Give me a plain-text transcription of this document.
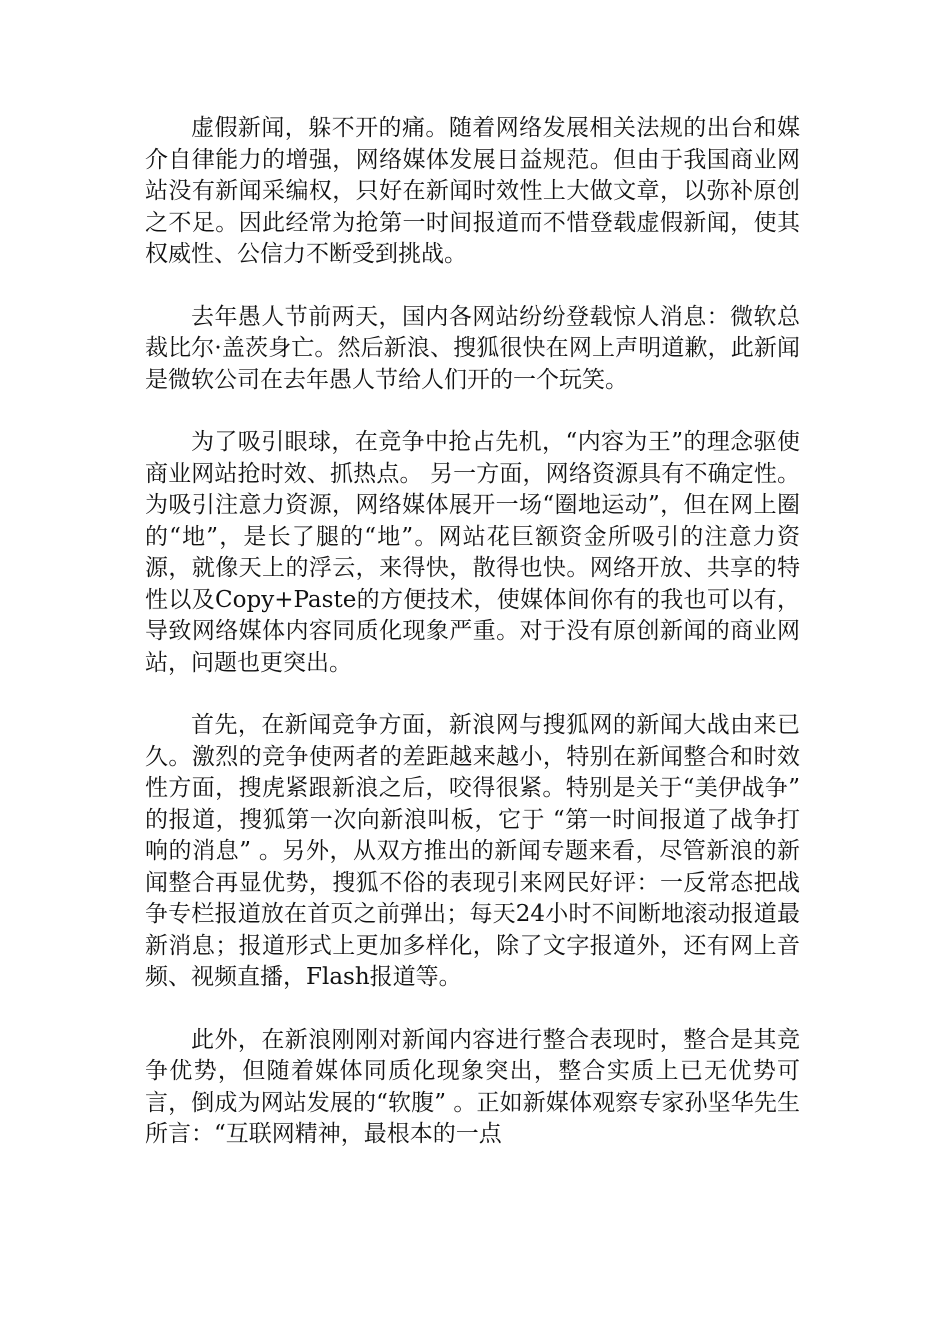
虚假新闻，躲不开的痛。随着网络发展相关法规的出台和媒介自律能力的增强，网络媒体发展日益规范。但由于我国商业网站没有新闻采编权，只好在新闻时效性上大做文章，以弥补原创之不足。因此经常为抢第一时间报道而不惜登载虚假新闻，使其权威性、公信力不断受到挑战。

去年愚人节前两天，国内各网站纷纷登载惊人消息：微软总裁比尔·盖茨身亡。然后新浪、搜狐很快在网上声明道歉，此新闻是微软公司在去年愚人节给人们开的一个玩笑。

为了吸引眼球，在竞争中抢占先机，“内容为王”的理念驱使商业网站抢时效、抓热点。 另一方面，网络资源具有不确定性。为吸引注意力资源，网络媒体展开一场“圈地运动”，但在网上圈的“地”，是长了腿的“地”。网站花巨额资金所吸引的注意力资源，就像天上的浮云，来得快，散得也快。网络开放、共享的特性以及Copy+Paste的方便技术，使媒体间你有的我也可以有，导致网络媒体内容同质化现象严重。对于没有原创新闻的商业网站，问题也更突出。

首先，在新闻竞争方面，新浪网与搜狐网的新闻大战由来已久。激烈的竞争使两者的差距越来越小，特别在新闻整合和时效性方面，搜虎紧跟新浪之后，咬得很紧。特别是关于“美伊战争” 的报道，搜狐第一次向新浪叫板，它于 “第一时间报道了战争打响的消息” 。另外，从双方推出的新闻专题来看，尽管新浪的新闻整合再显优势，搜狐不俗的表现引来网民好评：一反常态把战争专栏报道放在首页之前弹出；每天24小时不间断地滚动报道最新消息；报道形式上更加多样化，除了文字报道外，还有网上音频、视频直播，Flash报道等。

此外，在新浪刚刚对新闻内容进行整合表现时，整合是其竞争优势，但随着媒体同质化现象突出，整合实质上已无优势可言，倒成为网站发展的“软腹” 。正如新媒体观察专家孙坚华先生所言：“互联网精神，最根本的一点
